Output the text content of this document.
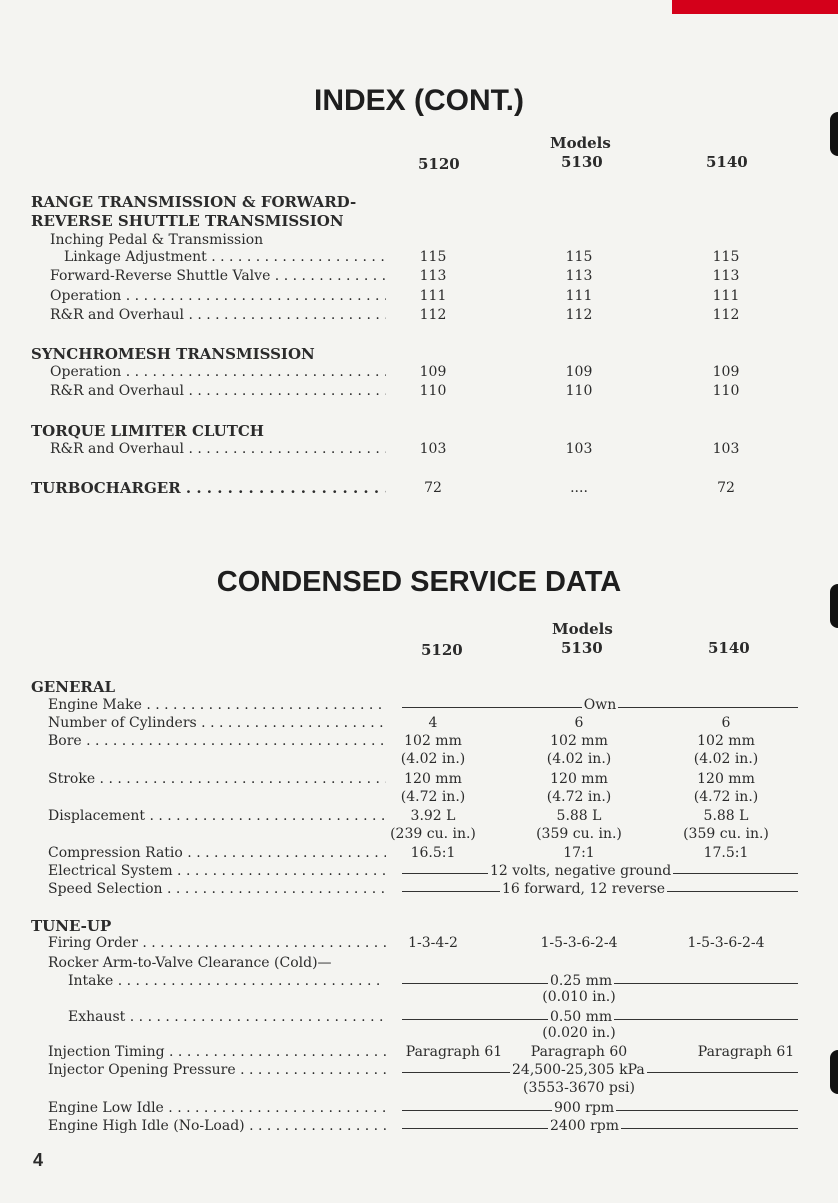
INDEX (CONT.)
Models
5120	5130	5140
RANGE TRANSMISSION & FORWARD-
REVERSE SHUTTLE TRANSMISSION
Inching Pedal & Transmission
Linkage Adjustment . . .	115	115	115
Forward-Reverse Shuttle Valve . . .	113	113	113
Operation . . .	111	111	111
R&R and Overhaul . . .	112	112	112
SYNCHROMESH TRANSMISSION
Operation . . .	109	109	109
R&R and Overhaul . . .	110	110	110
TORQUE LIMITER CLUTCH
R&R and Overhaul . . .	103	103	103
TURBOCHARGER . . .	72	....	72
CONDENSED SERVICE DATA
Models
5120	5130	5140
GENERAL
Engine Make . . .	Own
Number of Cylinders . . .	4	6	6
Bore . . .	102 mm	102 mm	102 mm
(4.02 in.)	(4.02 in.)	(4.02 in.)
Stroke . . .	120 mm	120 mm	120 mm
(4.72 in.)	(4.72 in.)	(4.72 in.)
Displacement . . .	3.92 L	5.88 L	5.88 L
(239 cu. in.)	(359 cu. in.)	(359 cu. in.)
Compression Ratio . . .	16.5:1	17:1	17.5:1
Electrical System . . .	12 volts, negative ground
Speed Selection . . .	16 forward, 12 reverse
TUNE-UP
Firing Order . . .	1-3-4-2	1-5-3-6-2-4	1-5-3-6-2-4
Rocker Arm-to-Valve Clearance (Cold)—
Intake . . .	0.25 mm
(0.010 in.)
Exhaust . . .	0.50 mm
(0.020 in.)
Injection Timing . . .	Paragraph 61	Paragraph 60	Paragraph 61
Injector Opening Pressure . . .	24,500-25,305 kPa
(3553-3670 psi)
Engine Low Idle . . .	900 rpm
Engine High Idle (No-Load) . . .	2400 rpm
4
